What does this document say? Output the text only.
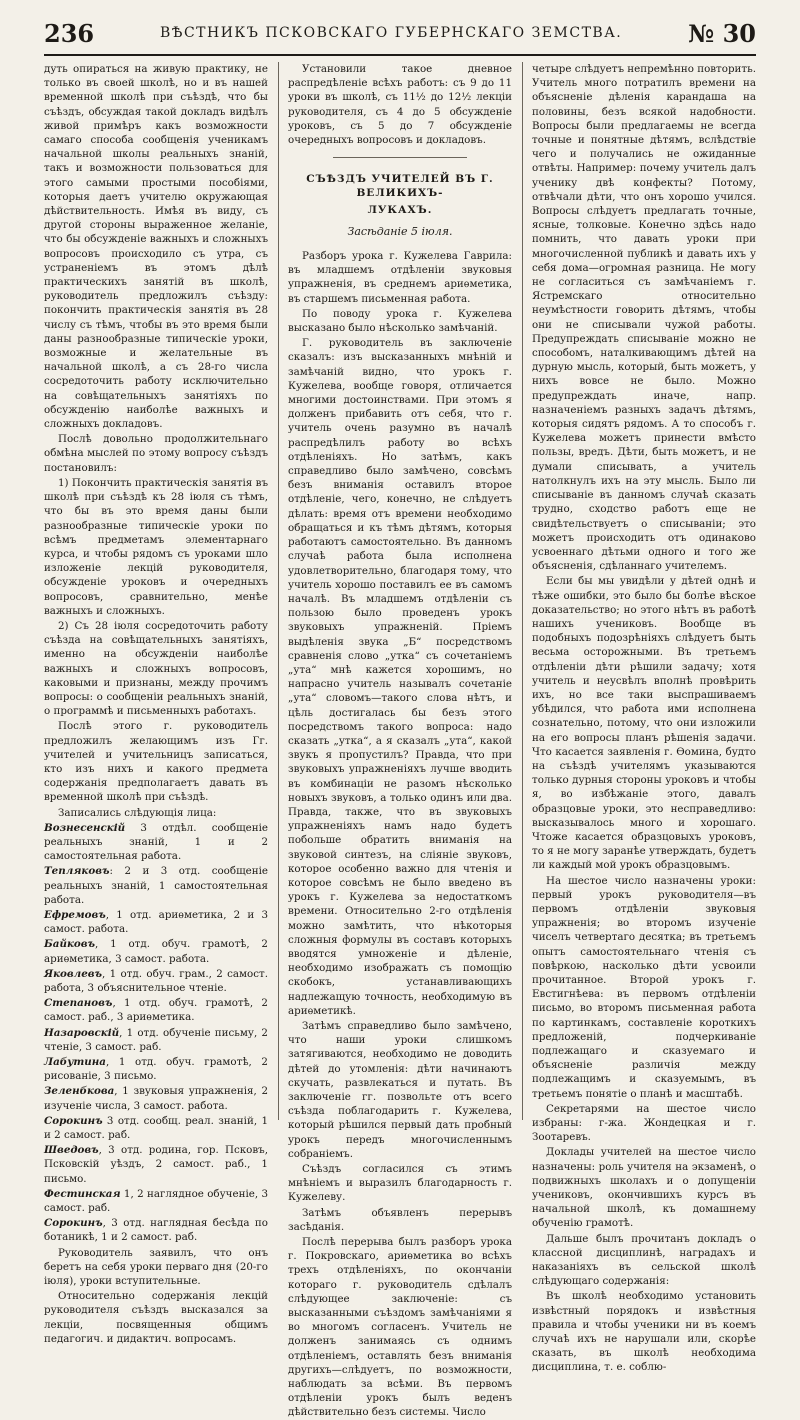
236	ВѢСТНИКЪ ПСКОВСКАГО ГУБЕРНСКАГО ЗЕМСТВА.	№ 30

дуть опираться на живую практику, не только въ своей школѣ, но и въ нашей временной школѣ при съѣздѣ, что бы съѣздъ, обсуждая такой докладъ видѣлъ живой примѣръ какъ возможности самаго способа сообщенія ученикамъ начальной школы реальныхъ знаній, такъ и возможности пользоваться для этого самыми простыми пособіями, которыя даетъ учителю окружающая дѣйствительность. Имѣя въ виду, съ другой стороны выраженное желаніе, что бы обсужденіе важныхъ и сложныхъ вопросовъ происходило съ утра, съ устраненіемъ въ этомъ дѣлѣ практическихъ занятій въ школѣ, руководитель предложилъ съѣзду: покончить практическія занятія въ 28 числу съ тѣмъ, чтобы въ это время были даны разнообразные типическіе уроки, возможные и желательные въ начальной школѣ, а съ 28-го числа сосредоточить работу исключительно на совѣщательныхъ занятіяхъ по обсужденію наиболѣе важныхъ и сложныхъ докладовъ.

Послѣ довольно продолжительнаго обмѣна мыслей по этому вопросу съѣздъ постановилъ:

1) Покончить практическія занятія въ школѣ при съѣздѣ къ 28 іюля съ тѣмъ, что бы въ это время даны были разнообразные типическіе уроки по всѣмъ предметамъ элементарнаго курса, и чтобы рядомъ съ уроками шло изложеніе лекцій руководителя, обсужденіе уроковъ и очередныхъ вопросовъ, сравнительно, менѣе важныхъ и сложныхъ.

2) Съ 28 іюля сосредоточить работу съѣзда на совѣщательныхъ занятіяхъ, именно на обсужденіи наиболѣе важныхъ и сложныхъ вопросовъ, каковыми и признаны, между прочимъ вопросы: о сообщеніи реальныхъ знаній, о программѣ и письменныхъ работахъ.

Послѣ этого г. руководитель предложилъ желающимъ изъ Гг. учителей и учительницъ записаться, кто изъ нихъ и какого предмета содержанія предполагаетъ давать въ временной школѣ при съѣздѣ.

Записались слѣдующія лица:

Вознесенскій 3 отдѣл. сообщеніе реальныхъ знаній, 1 и 2 самостоятельная работа.

Тепляковъ: 2 и 3 отд. сообщеніе реальныхъ знаній, 1 самостоятельная работа.

Ефремовъ, 1 отд. ариѳметика, 2 и 3 самост. работа.

Байковъ, 1 отд. обуч. грамотѣ, 2 ариѳметика, 3 самост. работа.

Яковлевъ, 1 отд. обуч. грам., 2 самост. работа, 3 объяснительное чтеніе.

Степановъ, 1 отд. обуч. грамотѣ, 2 самост. раб., 3 ариѳметика.

Назаровскій, 1 отд. обученіе письму, 2 чтеніе, 3 самост. раб.

Лабутина, 1 отд. обуч. грамотѣ, 2 рисованіе, 3 письмо.

Зеленбкова, 1 звуковыя упражненія, 2 изученіе числа, 3 самост. работа.

Сорокинъ 3 отд. сообщ. реал. знаній, 1 и 2 самост. раб.

Шведовъ, 3 отд. родина, гор. Псковъ, Псковскій уѣздъ, 2 самост. раб., 1 письмо.

Фестинская 1, 2 наглядное обученіе, 3 самост. раб.

Сорокинъ, 3 отд. наглядная бесѣда по ботаникѣ, 1 и 2 самост. раб.

Руководитель заявилъ, что онъ беретъ на себя уроки перваго дня (20-го іюля), уроки вступительные.

Относительно содержанія лекцій руководителя съѣздъ высказался за лекціи, посвященныя общимъ педагогич. и дидактич. вопросамъ.

Установили такое дневное распредѣленіе всѣхъ работъ: съ 9 до 11 уроки въ школѣ, съ 11½ до 12½ лекціи руководителя, съ 4 до 5 обсужденіе уроковъ, съ 5 до 7 обсужденіе очередныхъ вопросовъ и докладовъ.

СЪѢЗДЪ УЧИТЕЛЕЙ ВЪ Г. ВЕЛИКИХЪ-

ЛУКАХЪ.

Засѣданіе 5 іюля.

Разборъ урока г. Кужелева Гаврила: въ младшемъ отдѣленіи звуковыя упражненія, въ среднемъ ариѳметика, въ старшемъ письменная работа.

По поводу урока г. Кужелева высказано было нѣсколько замѣчаній.

Г. руководитель въ заключеніе сказалъ: изъ высказанныхъ мнѣній и замѣчаній видно, что урокъ г. Кужелева, вообще говоря, отличается многими достоинствами. При этомъ я долженъ прибавить отъ себя, что г. учитель очень разумно въ началѣ распредѣлилъ работу во всѣхъ отдѣленіяхъ. Но затѣмъ, какъ справедливо было замѣчено, совсѣмъ безъ вниманія оставилъ второе отдѣленіе, чего, конечно, не слѣдуетъ дѣлать: время отъ времени необходимо обращаться и къ тѣмъ дѣтямъ, которыя работаютъ самостоятельно. Въ данномъ случаѣ работа была исполнена удовлетворительно, благодаря тому, что учитель хорошо поставилъ ее въ самомъ началѣ. Въ младшемъ отдѣленіи съ пользою было проведенъ урокъ звуковыхъ упражненій. Пріемъ выдѣленія звука „Б“ посредствомъ сравненія слово „утка“ съ сочетаніемъ „ута“ мнѣ кажется хорошимъ, но напрасно учитель называлъ сочетаніе „ута“ словомъ—такого слова нѣтъ, и цѣль достигалась бы безъ этого посредствомъ такого вопроса: надо сказать „утка“, а я сказалъ „ута“, какой звукъ я пропустилъ? Правда, что при звуковыхъ упражненіяхъ лучше вводить въ комбинаціи не разомъ нѣсколько новыхъ звуковъ, а только одинъ или два. Правда, также, что въ звуковыхъ упражненіяхъ намъ надо будетъ побольше обратить вниманія на звуковой синтезъ, на сліяніе звуковъ, которое особенно важно для чтенія и которое совсѣмъ не было введено въ урокъ г. Кужелева за недостаткомъ времени. Относительно 2-го отдѣленія можно замѣтить, что нѣкоторыя сложныя формулы въ составъ которыхъ вводятся умноженіе и дѣленіе, необходимо изображать съ помощію скобокъ, устанавливающихъ надлежащую точность, необходимую въ ариѳметикѣ.

Затѣмъ справедливо было замѣчено, что наши уроки слишкомъ затягиваются, необходимо не доводить дѣтей до утомленія: дѣти начинаютъ скучать, развлекаться и путать. Въ заключеніе гг. позвольте отъ всего съѣзда поблагодарить г. Кужелева, который рѣшился первый дать пробный урокъ передъ многочисленнымъ собраніемъ.

Съѣздъ согласился съ этимъ мнѣніемъ и выразилъ благодарность г. Кужелеву.

Затѣмъ объявленъ перерывъ засѣданія.

Послѣ перерыва былъ разборъ урока г. Покровскаго, ариѳметика во всѣхъ трехъ отдѣленіяхъ, по окончаніи котораго г. руководитель сдѣлалъ слѣдующее заключеніе: съ высказанными съѣздомъ замѣчаніями я во многомъ согласенъ. Учитель не долженъ занимаясь съ однимъ отдѣленіемъ, оставлять безъ вниманія другихъ—слѣдуетъ, по возможности, наблюдать за всѣми. Въ первомъ отдѣленіи урокъ былъ веденъ дѣйствительно безъ системы. Число

четыре слѣдуетъ непремѣнно повторить. Учитель много потратилъ времени на объясненіе дѣленія карандаша на половины, безъ всякой надобности. Вопросы были предлагаемы не всегда точные и понятные дѣтямъ, вслѣдствіе чего и получались не ожиданные отвѣты. Например: почему учитель далъ ученику двѣ конфекты? Потому, отвѣчали дѣти, что онъ хорошо учился. Вопросы слѣдуетъ предлагать точные, ясные, толковые. Конечно здѣсь надо помнить, что давать уроки при многочисленной публикѣ и давать ихъ у себя дома—огромная разница. Не могу не согласиться съ замѣчаніемъ г. Ястремскаго относительно неумѣстности говорить дѣтямъ, чтобы они не списывали чужой работы. Предупреждать списываніе можно не способомъ, наталкивающимъ дѣтей на дурную мысль, который, быть можетъ, у нихъ вовсе не было. Можно предупреждать иначе, напр. назначеніемъ разныхъ задачъ дѣтямъ, которыя сидятъ рядомъ. А то способъ г. Кужелева можетъ принести вмѣсто пользы, вредъ. Дѣти, быть можетъ, и не думали списывать, а учитель натолкнулъ ихъ на эту мысль. Было ли списываніе въ данномъ случаѣ сказать трудно, сходство работъ еще не свидѣтельствуетъ о списываніи; это можетъ происходить отъ одинаково усвоеннаго дѣтьми одного и того же объясненія, сдѣланнаго учителемъ.

Если бы мы увидѣли у дѣтей однѣ и тѣже ошибки, это было бы болѣе вѣское доказательство; но этого нѣтъ въ работѣ нашихъ учениковъ. Вообще въ подобныхъ подозрѣніяхъ слѣдуетъ быть весьма осторожными. Въ третьемъ отдѣленіи дѣти рѣшили задачу; хотя учитель и неусвѣлъ вполнѣ провѣрить ихъ, но все таки выспрашиваемъ убѣдился, что работа ими исполнена сознательно, потому, что они изложили на его вопросы планъ рѣшенія задачи. Что касается заявленія г. Ѳомина, будто на съѣздѣ учителямъ указываются только дурныя стороны уроковъ и чтобы я, во избѣжаніе этого, давалъ образцовые уроки, это несправедливо: высказывалось много и хорошаго. Чтоже касается образцовыхъ уроковъ, то я не могу заранѣе утверждать, будетъ ли каждый мой урокъ образцовымъ.

На шестое число назначены уроки: первый урокъ руководителя—въ первомъ отдѣленіи звуковыя упражненія; во второмъ изученіе чиселъ четвертаго десятка; въ третьемъ опытъ самостоятельнаго чтенія съ повѣркою, насколько дѣти усвоили прочитанное. Второй урокъ г. Евстигнѣева: въ первомъ отдѣленіи письмо, во второмъ письменная работа по картинкамъ, составленіе короткихъ предложеній, подчеркиваніе подлежащаго и сказуемаго и объясненіе различія между подлежащимъ и сказуемымъ, въ третьемъ понятіе о планѣ и масштабѣ.

Секретарями на шестое число избраны: г-жа. Жондецкая и г. Зоотаревъ.

Доклады учителей на шестое число назначены: роль учителя на экзаменѣ, о подвижныхъ школахъ и о допущеніи учениковъ, окончившихъ курсъ въ начальной школѣ, къ домашнему обученію грамотѣ.

Дальше былъ прочитанъ докладъ о классной дисциплинѣ, наградахъ и наказаніяхъ въ сельской школѣ слѣдующаго содержанія:

Въ школѣ необходимо установить извѣстный порядокъ и извѣстныя правила и чтобы ученики ни въ коемъ случаѣ ихъ не нарушали или, скорѣе сказать, въ школѣ необходима дисциплина, т. е. соблю-
